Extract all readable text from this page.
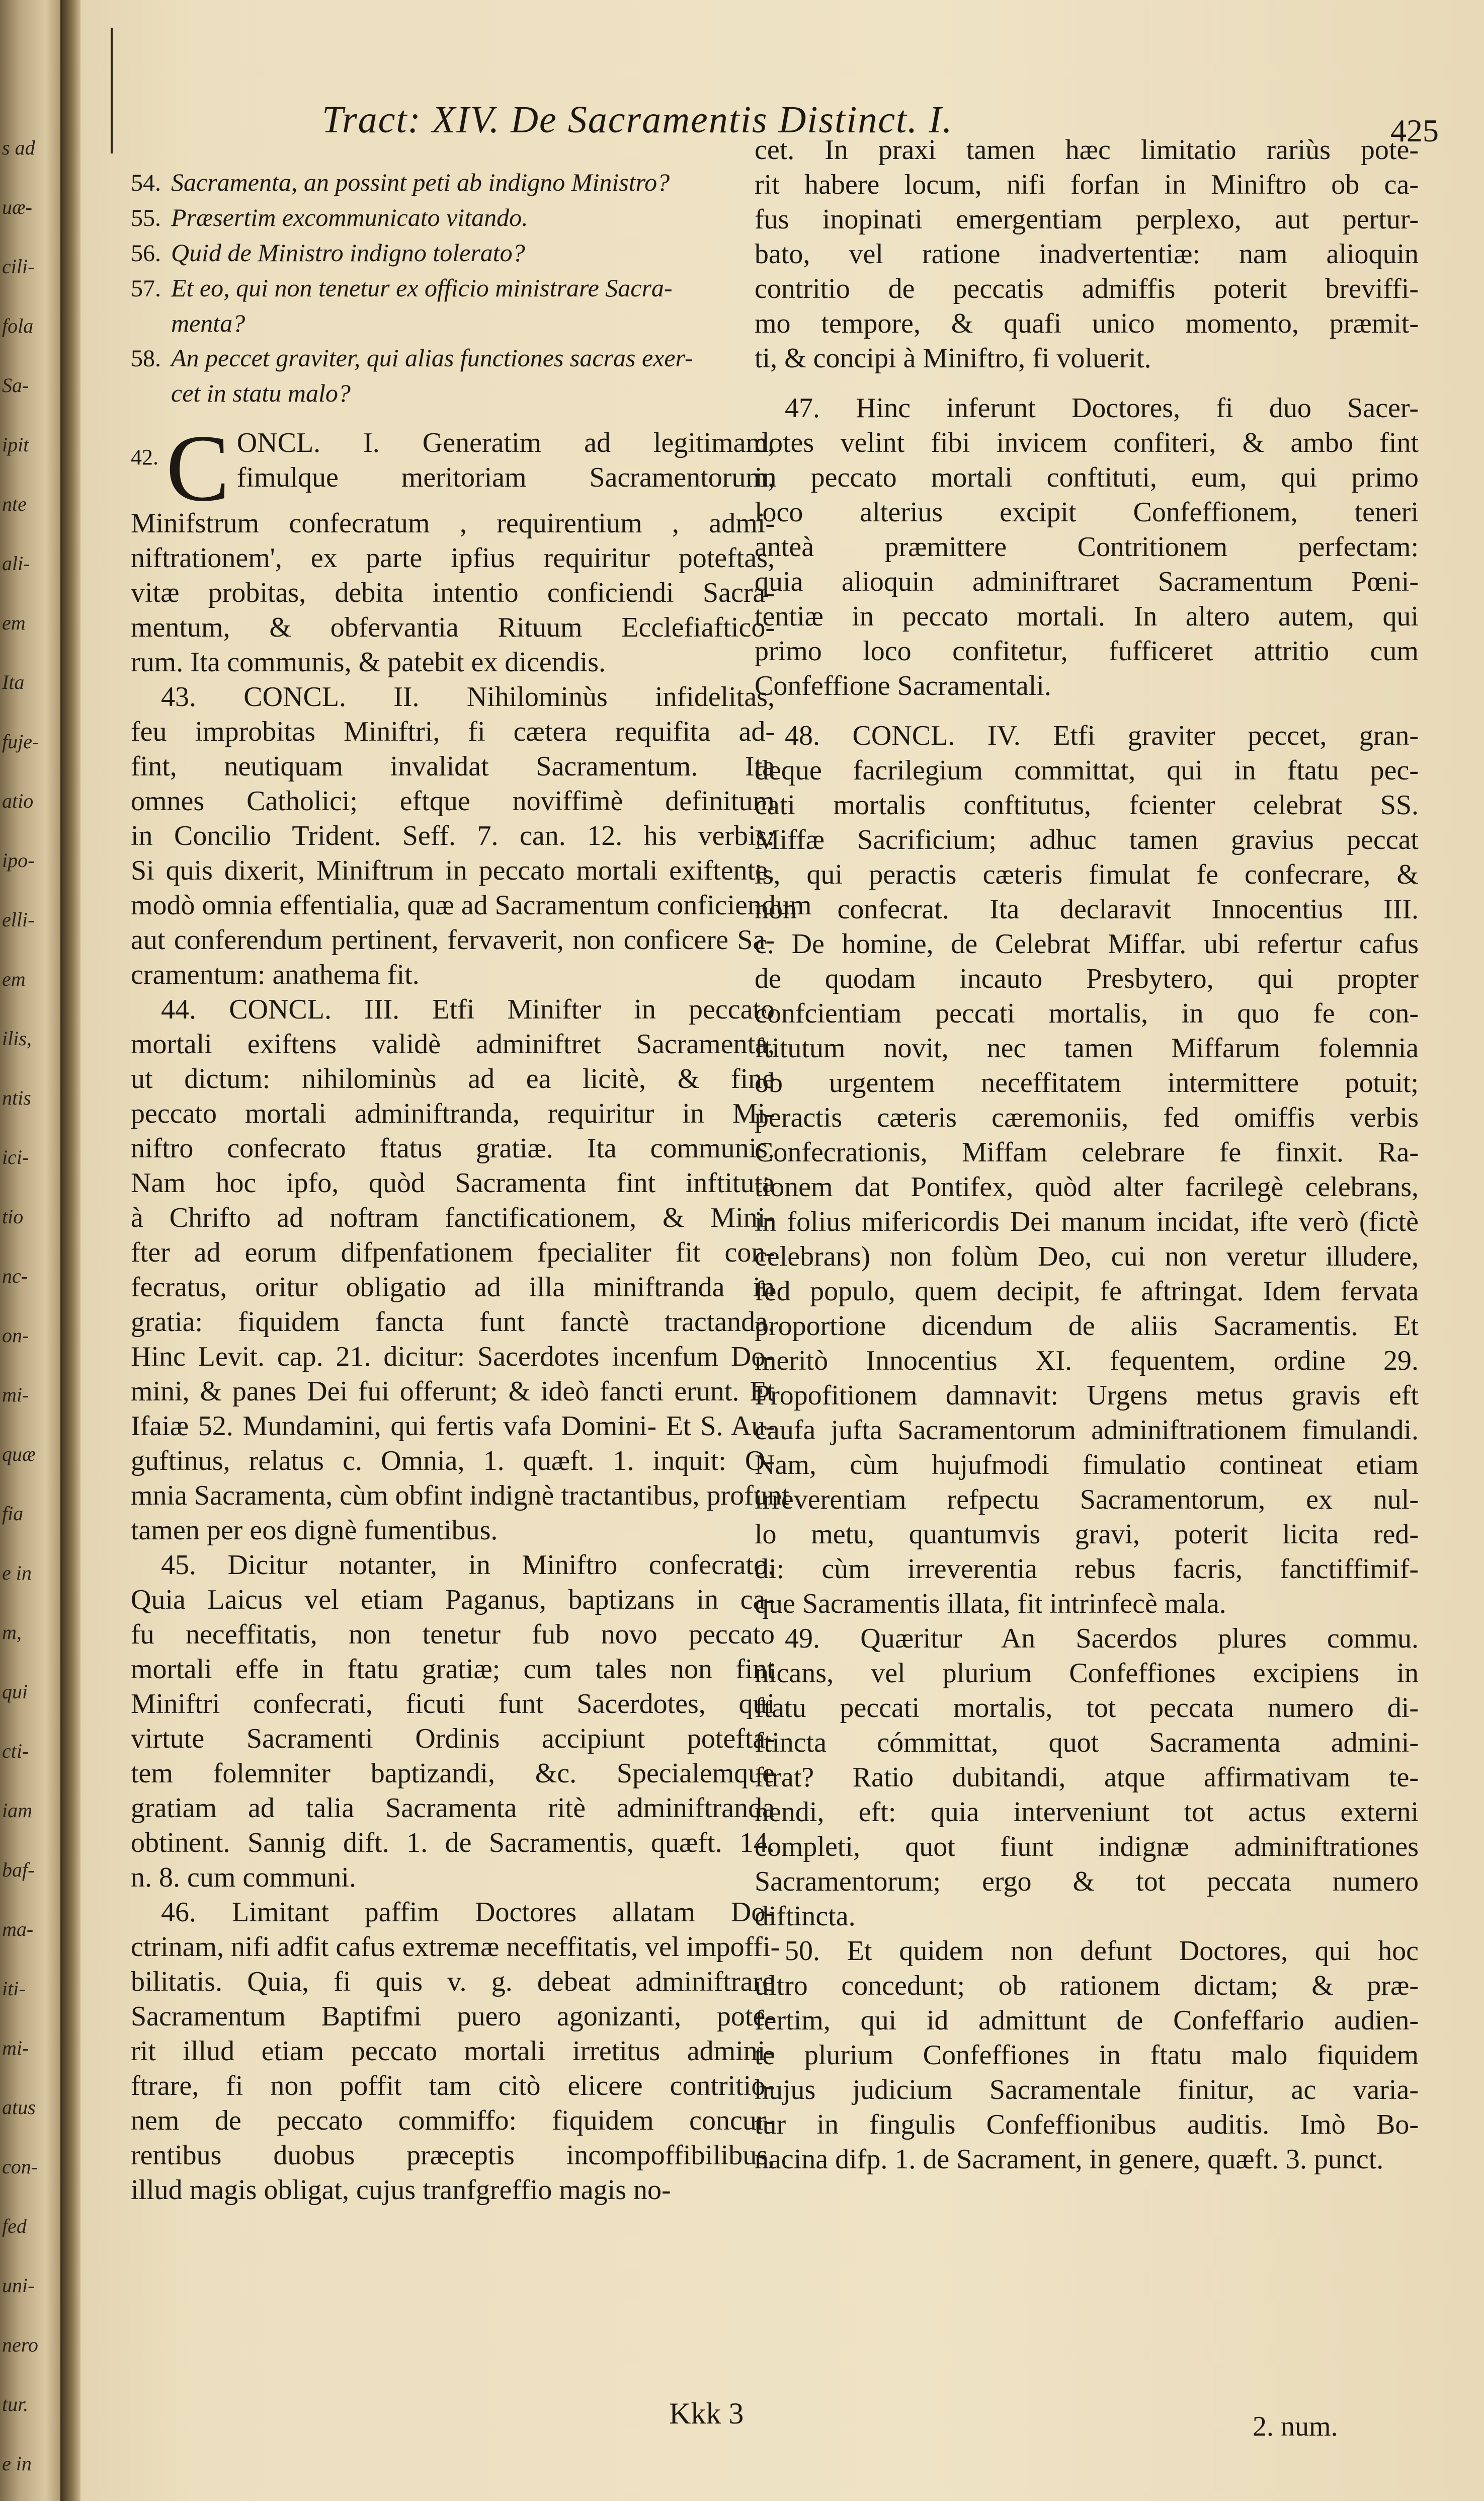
s ad
uæ-
cili-
fola
Sa-
ipit
nte
ali-
em
Ita
fuje-
atio
ipo-
elli-
em
ilis,
ntis
ici-
tio
nc-
on-
mi-
quæ
fia
e in
m,
qui
cti-
iam
baf-
ma-
iti-
mi-
atus
con-
fed
uni-
nero
tur.
e in
Tract: XIV. De Sacramentis Distinct. I.	425
54. Sacramenta, an possint peti ab indigno Ministro?
55. Præsertim excommunicato vitando.
56. Quid de Ministro indigno tolerato?
57. Et eo, qui non tenetur ex officio ministrare Sacra-
menta?
58. An peccet graviter, qui alias functiones sacras exer-
cet in statu malo?
42. C ONCL. I. Generatim ad legitimam,
fimulque meritoriam Sacramentorum,
Minifstrum confecratum , requirentium , admi-
niftrationem', ex parte ipfius requiritur poteftas,
vitæ probitas, debita intentio conficiendi Sacra-
mentum, & obfervantia Rituum Ecclefiaftico-
rum. Ita communis, & patebit ex dicendis.
43. CONCL. II. Nihilominùs infidelitas,
feu improbitas Miniftri, fi cætera requifita ad-
fint, neutiquam invalidat Sacramentum. Ita
omnes Catholici; eftque noviffimè definitum
in Concilio Trident. Seff. 7. can. 12. his verbis:
Si quis dixerit, Miniftrum in peccato mortali exiftente,
modò omnia effentialia, quæ ad Sacramentum conficiendum
aut conferendum pertinent, fervaverit, non conficere Sa-
cramentum: anathema fit.
44. CONCL. III. Etfi Minifter in peccato
mortali exiftens validè adminiftret Sacramenta,
ut dictum: nihilominùs ad ea licitè, & fine
peccato mortali adminiftranda, requiritur in Mi-
niftro confecrato ftatus gratiæ. Ita communis.
Nam hoc ipfo, quòd Sacramenta fint inftituta
à Chrifto ad noftram fanctificationem, & Mini-
fter ad eorum difpenfationem fpecialiter fit con-
fecratus, oritur obligatio ad illa miniftranda in
gratia: fiquidem fancta funt fanctè tractanda.
Hinc Levit. cap. 21. dicitur: Sacerdotes incenfum Do-
mini, & panes Dei fui offerunt; & ideò fancti erunt. Et
Ifaiæ 52. Mundamini, qui fertis vafa Domini- Et S. Au-
guftinus, relatus c. Omnia, 1. quæft. 1. inquit: O-
mnia Sacramenta, cùm obfint indignè tractantibus, profunt
tamen per eos dignè fumentibus.
45. Dicitur notanter, in Miniftro confecrato.
Quia Laicus vel etiam Paganus, baptizans in ca-
fu neceffitatis, non tenetur fub novo peccato
mortali effe in ftatu gratiæ; cum tales non fint
Miniftri confecrati, ficuti funt Sacerdotes, qui
virtute Sacramenti Ordinis accipiunt potefta-
tem folemniter baptizandi, &c. Specialemque
gratiam ad talia Sacramenta ritè adminiftranda
obtinent. Sannig dift. 1. de Sacramentis, quæft. 14.
n. 8. cum communi.
46. Limitant paffim Doctores allatam Do-
ctrinam, nifi adfit cafus extremæ neceffitatis, vel impoffi-
bilitatis. Quia, fi quis v. g. debeat adminiftrare
Sacramentum Baptifmi puero agonizanti, pote-
rit illud etiam peccato mortali irretitus admini-
ftrare, fi non poffit tam citò elicere contritio-
nem de peccato commiffo: fiquidem concur-
rentibus duobus præceptis incompoffibilibus,
illud magis obligat, cujus tranfgreffio magis no-
cet. In praxi tamen hæc limitatio rariùs pote-
rit habere locum, nifi forfan in Miniftro ob ca-
fus inopinati emergentiam perplexo, aut pertur-
bato, vel ratione inadvertentiæ: nam alioquin
contritio de peccatis admiffis poterit breviffi-
mo tempore, & quafi unico momento, præmit-
ti, & concipi à Miniftro, fi voluerit.
47. Hinc inferunt Doctores, fi duo Sacer-
dotes velint fibi invicem confiteri, & ambo fint
in peccato mortali conftituti, eum, qui primo
loco alterius excipit Confeffionem, teneri
anteà præmittere Contritionem perfectam:
quia alioquin adminiftraret Sacramentum Pœni-
tentiæ in peccato mortali. In altero autem, qui
primo loco confitetur, fufficeret attritio cum
Confeffione Sacramentali.
48. CONCL. IV. Etfi graviter peccet, gran-
deque facrilegium committat, qui in ftatu pec-
cati mortalis conftitutus, fcienter celebrat SS.
Miffæ Sacrificium; adhuc tamen gravius peccat
is, qui peractis cæteris fimulat fe confecrare, &
non confecrat. Ita declaravit Innocentius III.
c. De homine, de Celebrat Miffar. ubi refertur cafus
de quodam incauto Presbytero, qui propter
confcientiam peccati mortalis, in quo fe con-
ftitutum novit, nec tamen Miffarum folemnia
ob urgentem neceffitatem intermittere potuit;
peractis cæteris cæremoniis, fed omiffis verbis
Confecrationis, Miffam celebrare fe finxit. Ra-
tionem dat Pontifex, quòd alter facrilegè celebrans,
in folius mifericordis Dei manum incidat, ifte verò (fictè
celebrans) non folùm Deo, cui non veretur illudere,
fed populo, quem decipit, fe aftringat. Idem fervata
proportione dicendum de aliis Sacramentis. Et
meritò Innocentius XI. fequentem, ordine 29.
Propofitionem damnavit: Urgens metus gravis eft
caufa jufta Sacramentorum adminiftrationem fimulandi.
Nam, cùm hujufmodi fimulatio contineat etiam
irreverentiam refpectu Sacramentorum, ex nul-
lo metu, quantumvis gravi, poterit licita red-
di: cùm irreverentia rebus facris, fanctiffimif-
que Sacramentis illata, fit intrinfecè mala.
49. Quæritur An Sacerdos plures commu.
nicans, vel plurium Confeffiones excipiens in
ftatu peccati mortalis, tot peccata numero di-
ftincta cómmittat, quot Sacramenta admini-
ftrat? Ratio dubitandi, atque affirmativam te-
nendi, eft: quia interveniunt tot actus externi
completi, quot fiunt indignæ adminiftrationes
Sacramentorum; ergo & tot peccata numero
diftincta.
50. Et quidem non defunt Doctores, qui hoc
ultro concedunt; ob rationem dictam; & præ-
fertim, qui id admittunt de Confeffario audien-
te plurium Confeffiones in ftatu malo fiquidem
hujus judicium Sacramentale finitur, ac varia-
tur in fingulis Confeffionibus auditis. Imò Bo-
nacina difp. 1. de Sacrament, in genere, quæft. 3. punct.
Kkk 3	2. num.
